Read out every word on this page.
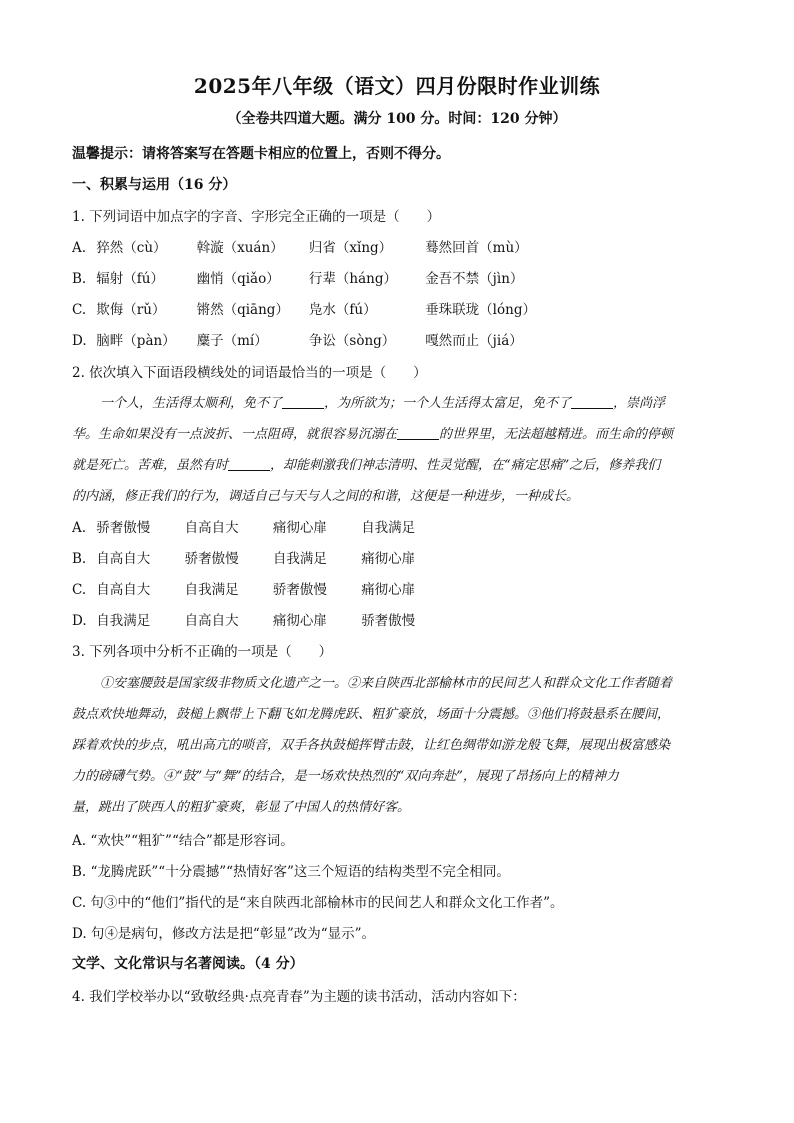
2025年八年级（语文）四月份限时作业训练
（全卷共四道大题。满分 100 分。时间：120 分钟）
温馨提示：请将答案写在答题卡相应的位置上，否则不得分。
一、积累与运用（16 分）
1. 下列词语中加点字的字音、字形完全正确的一项是（　　）
A. 猝然（cù） 斡漩（xuán） 归省（xǐng） 蓦然回首（mù）
B. 辐射（fú） 幽悄（qiǎo） 行辈（háng） 金吾不禁（jìn）
C. 欺侮（rǔ） 锵然（qiāng） 凫水（fú）	垂珠联珑（lóng）
D. 脑畔（pàn） 麋子（mí）	争讼（sòng） 嘎然而止（jiá）
2. 依次填入下面语段横线处的词语最恰当的一项是（　　）
一个人，生活得太顺利，免不了	，为所欲为；一个人生活得太富足，免不了	，崇尚浮
华。生命如果没有一点波折、一点阻碍，就很容易沉溺在	的世界里，无法超越精进。而生命的停顿
就是死亡。苦难，虽然有时	，却能刺激我们神志清明、性灵觉醒，在“痛定思痛”之后，修养我们
的内涵，修正我们的行为，调适自己与天与人之间的和谐，这便是一种进步，一种成长。
A. 骄奢傲慢	自高自大	痛彻心扉	自我满足
B. 自高自大	骄奢傲慢	自我满足	痛彻心扉
C. 自高自大	自我满足	骄奢傲慢	痛彻心扉
D. 自我满足	自高自大	痛彻心扉	骄奢傲慢
3. 下列各项中分析不正确的一项是（　　）
①安塞腰鼓是国家级非物质文化遗产之一。②来自陕西北部榆林市的民间艺人和群众文化工作者随着
鼓点欢快地舞动，鼓槌上飘带上下翻飞如龙腾虎跃、粗犷豪放，场面十分震撼。③他们将鼓悬系在腰间，
踩着欢快的步点，吼出高亢的唢音，双手各执鼓槌挥臂击鼓，让红色绸带如游龙般飞舞，展现出极富感染
力的磅礴气势。④“鼓”与“舞”的结合，是一场欢快热烈的“双向奔赴”，展现了昂扬向上的精神力
量，跳出了陕西人的粗犷豪爽，彰显了中国人的热情好客。
A. “欢快”“粗犷”“结合”都是形容词。
B. “龙腾虎跃”“十分震撼”“热情好客”这三个短语的结构类型不完全相同。
C. 句③中的“他们”指代的是“来自陕西北部榆林市的民间艺人和群众文化工作者”。
D. 句④是病句，修改方法是把“彰显”改为“显示”。
文学、文化常识与名著阅读。（4 分）
4. 我们学校举办以“致敬经典·点亮青春”为主题的读书活动，活动内容如下：
